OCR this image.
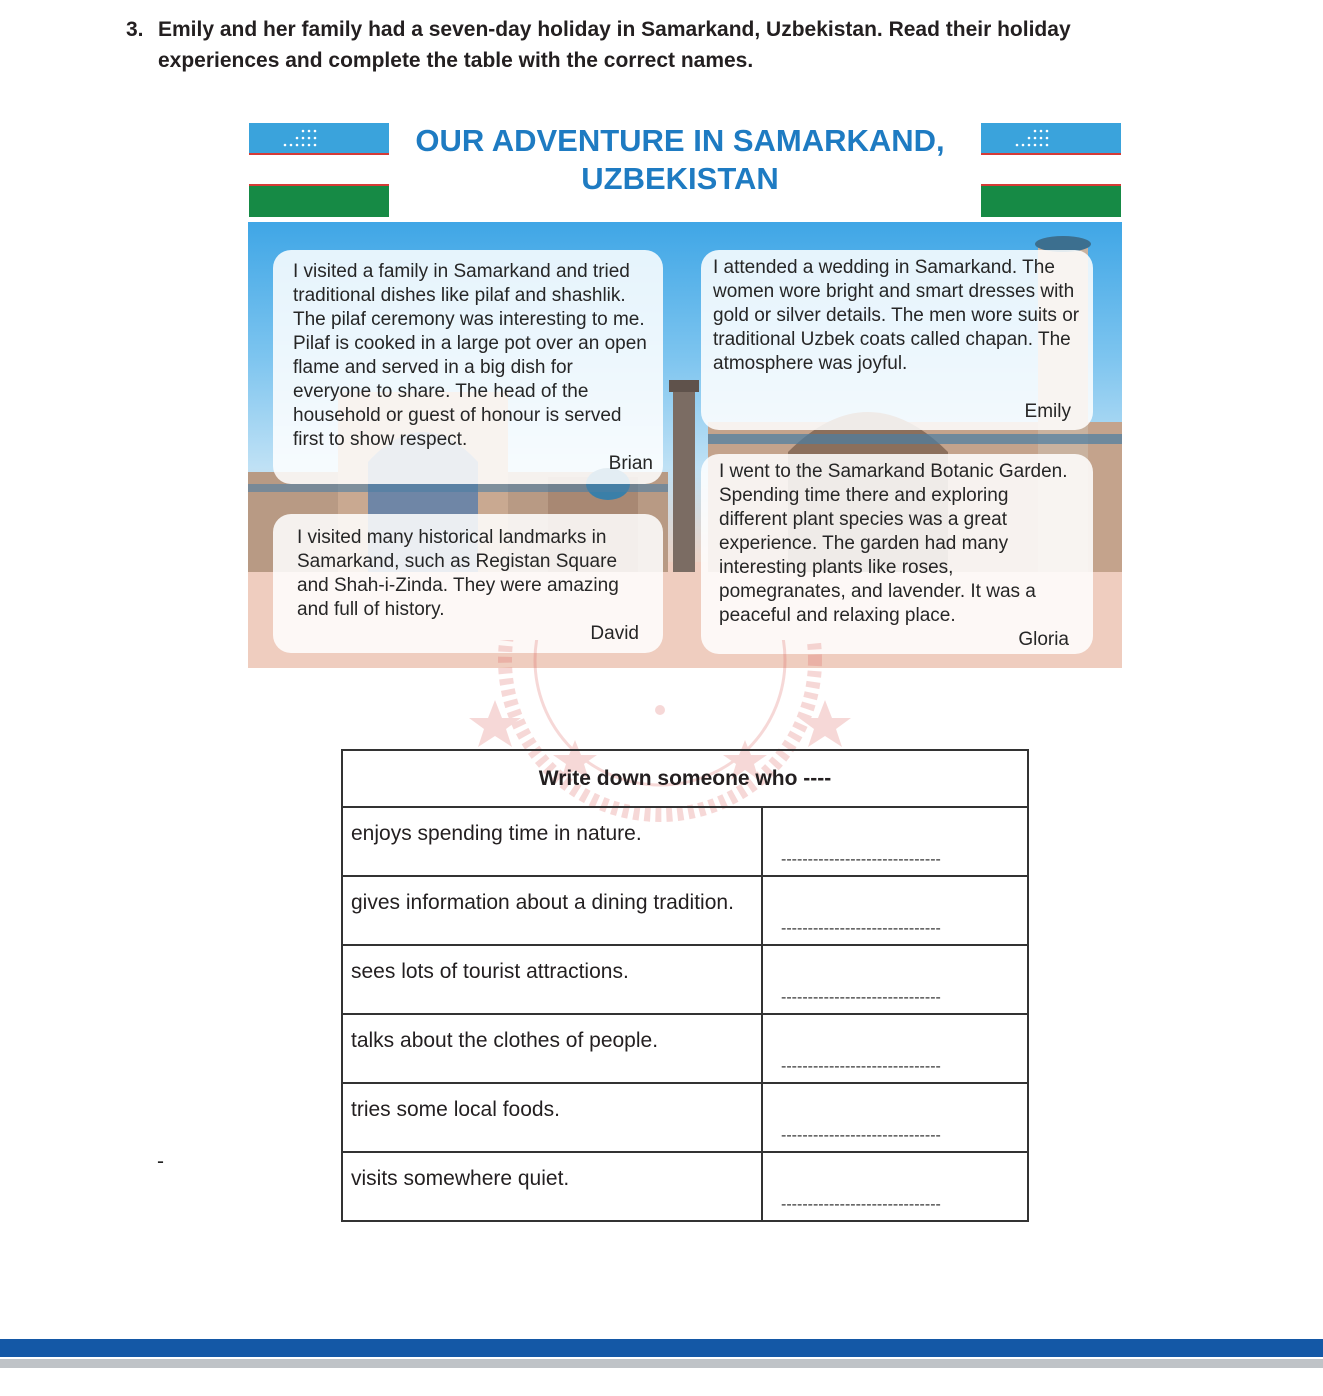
3. Emily and her family had a seven-day holiday in Samarkand, Uzbekistan. Read their holiday experiences and complete the table with the correct names.
OUR ADVENTURE IN SAMARKAND,
UZBEKISTAN
I visited a family in Samarkand and tried traditional dishes like pilaf and shashlik. The pilaf ceremony was interesting to me. Pilaf is cooked in a large pot over an open flame and served in a big dish for everyone to share. The head of the household or guest of honour is served first to show respect.
Brian
I attended a wedding in Samarkand. The women wore bright and smart dresses with gold or silver details. The men wore suits or traditional Uzbek coats called chapan. The atmosphere was joyful.
Emily
I visited many historical landmarks in Samarkand, such as Registan Square and Shah-i-Zinda. They were amazing and full of history.
David
I went to the Samarkand Botanic Garden. Spending time there and exploring different plant species was a great experience. The garden had many interesting plants like roses, pomegranates, and lavender. It was a peaceful and relaxing place.
Gloria
Write down someone who ----	
enjoys spending time in nature.	------------------------------
gives information about a dining tradition.	------------------------------
sees lots of tourist attractions.	------------------------------
talks about the clothes of people.	------------------------------
tries some local foods.	------------------------------
visits somewhere quiet.	------------------------------
-
